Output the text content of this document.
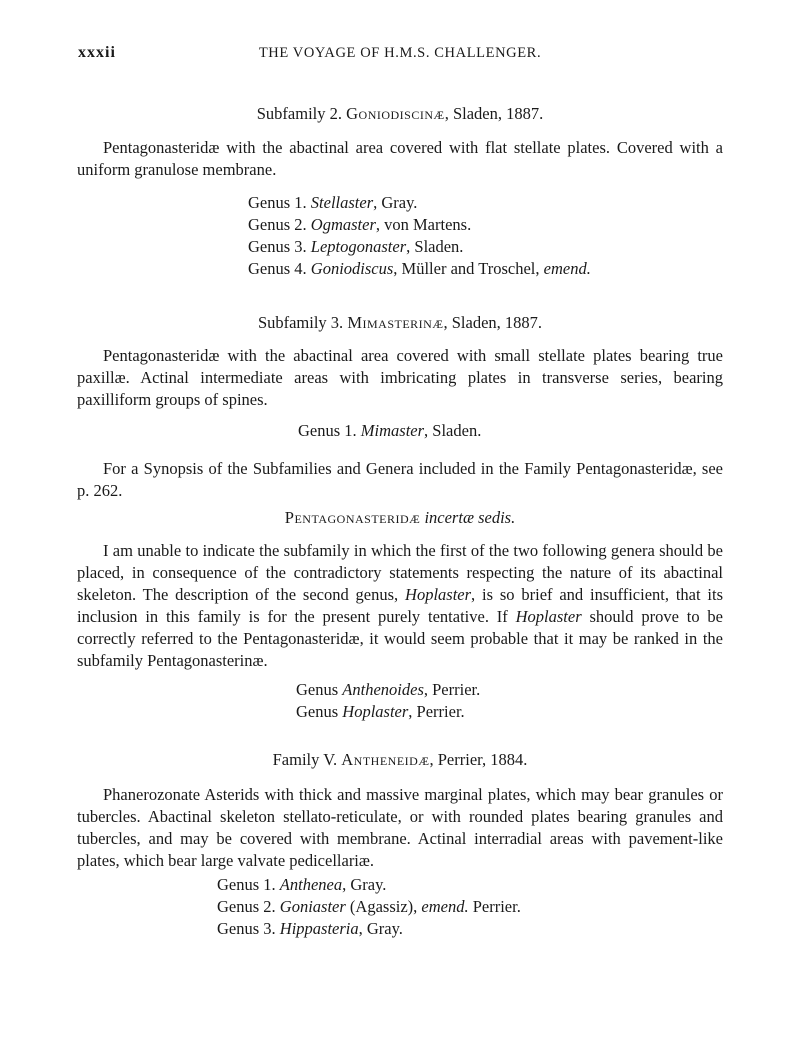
xxxii	THE VOYAGE OF H.M.S. CHALLENGER.
Subfamily 2. Goniodiscinæ, Sladen, 1887.
Pentagonasteridæ with the abactinal area covered with flat stellate plates. Covered with a uniform granulose membrane.
Genus 1. Stellaster, Gray.
Genus 2. Ogmaster, von Martens.
Genus 3. Leptogonaster, Sladen.
Genus 4. Goniodiscus, Müller and Troschel, emend.
Subfamily 3. Mimasterinæ, Sladen, 1887.
Pentagonasteridæ with the abactinal area covered with small stellate plates bearing true paxillæ. Actinal intermediate areas with imbricating plates in transverse series, bearing paxilliform groups of spines.
Genus 1. Mimaster, Sladen.
For a Synopsis of the Subfamilies and Genera included in the Family Pentagonasteridæ, see p. 262.
Pentagonasteridæ incertæ sedis.
I am unable to indicate the subfamily in which the first of the two following genera should be placed, in consequence of the contradictory statements respecting the nature of its abactinal skeleton. The description of the second genus, Hoplaster, is so brief and insufficient, that its inclusion in this family is for the present purely tentative. If Hoplaster should prove to be correctly referred to the Pentagonasteridæ, it would seem probable that it may be ranked in the subfamily Pentagonasterinæ.
Genus Anthenoides, Perrier.
Genus Hoplaster, Perrier.
Family V. Antheneidæ, Perrier, 1884.
Phanerozonate Asterids with thick and massive marginal plates, which may bear granules or tubercles. Abactinal skeleton stellato-reticulate, or with rounded plates bearing granules and tubercles, and may be covered with membrane. Actinal interradial areas with pavement-like plates, which bear large valvate pedicellariæ.
Genus 1. Anthenea, Gray.
Genus 2. Goniaster (Agassiz), emend. Perrier.
Genus 3. Hippasteria, Gray.
